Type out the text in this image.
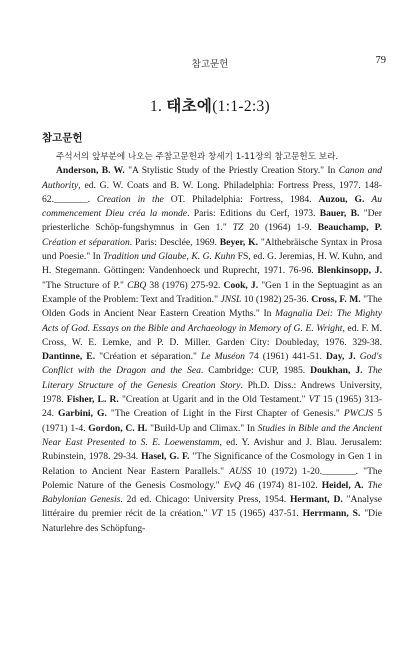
참고문헌	79
1. 태초에(1:1-2:3)
참고문헌

주석서의 앞부분에 나오는 주참고문헌과 창세기 1-11장의 참고문헌도 보라.

Anderson, B. W. "A Stylistic Study of the Priestly Creation Story." In Canon and Authority, ed. G. W. Coats and B. W. Long. Philadelphia: Fortress Press, 1977. 148-62._______. Creation in the OT. Philadelphia: Fortress, 1984. Auzou, G. Au commencement Dieu créa la monde. Paris: Editions du Cerf, 1973. Bauer, B. "Der priesterliche Schöp-fungshymnus in Gen 1." TZ 20 (1964) 1-9. Beauchamp, P. Création et séparation. Paris: Desclée, 1969. Beyer, K. "Althebräische Syntax in Prosa und Poesie." In Tradition und Glaube, K. G. Kuhn FS, ed. G. Jeremias, H. W. Kuhn, and H. Stegemann. Göttingen: Vandenhoeck und Ruprecht, 1971. 76-96. Blenkinsopp, J. "The Structure of P." CBQ 38 (1976) 275-92. Cook, J. "Gen 1 in the Septuagint as an Example of the Problem: Text and Tradition." JNSL 10 (1982) 25-36. Cross, F. M. "The Olden Gods in Ancient Near Eastern Creation Myths." In Magnalia Dei: The Mighty Acts of God. Essays on the Bible and Archaeology in Memory of G. E. Wright, ed. F. M. Cross, W. E. Lemke, and P. D. Miller. Garden City: Doubleday, 1976. 329-38. Dantinne, E. "Création et séparation." Le Muséon 74 (1961) 441-51. Day, J. God's Conflict with the Dragon and the Sea. Cambridge: CUP, 1985. Doukhan, J. The Literary Structure of the Genesis Creation Story. Ph.D. Diss.: Andrews University, 1978. Fisher, L. R. "Creation at Ugarit and in the Old Testament." VT 15 (1965) 313-24. Garbini, G. "The Creation of Light in the First Chapter of Genesis." PWCJS 5 (1971) 1-4. Gordon, C. H. "Build-Up and Climax." In Studies in Bible and the Ancient Near East Presented to S. E. Loewenstamm, ed. Y. Avishur and J. Blau. Jerusalem: Rubinstein, 1978. 29-34. Hasel, G. F. "The Significance of the Cosmology in Gen 1 in Relation to Ancient Near Eastern Parallels." AUSS 10 (1972) 1-20._______. "The Polemic Nature of the Genesis Cosmology." EvQ 46 (1974) 81-102. Heidel, A. The Babylonian Genesis. 2d ed. Chicago: University Press, 1954. Hermant, D. "Analyse littéraire du premier récit de la création." VT 15 (1965) 437-51. Herrmann, S. "Die Naturlehre des Schöpfung-
